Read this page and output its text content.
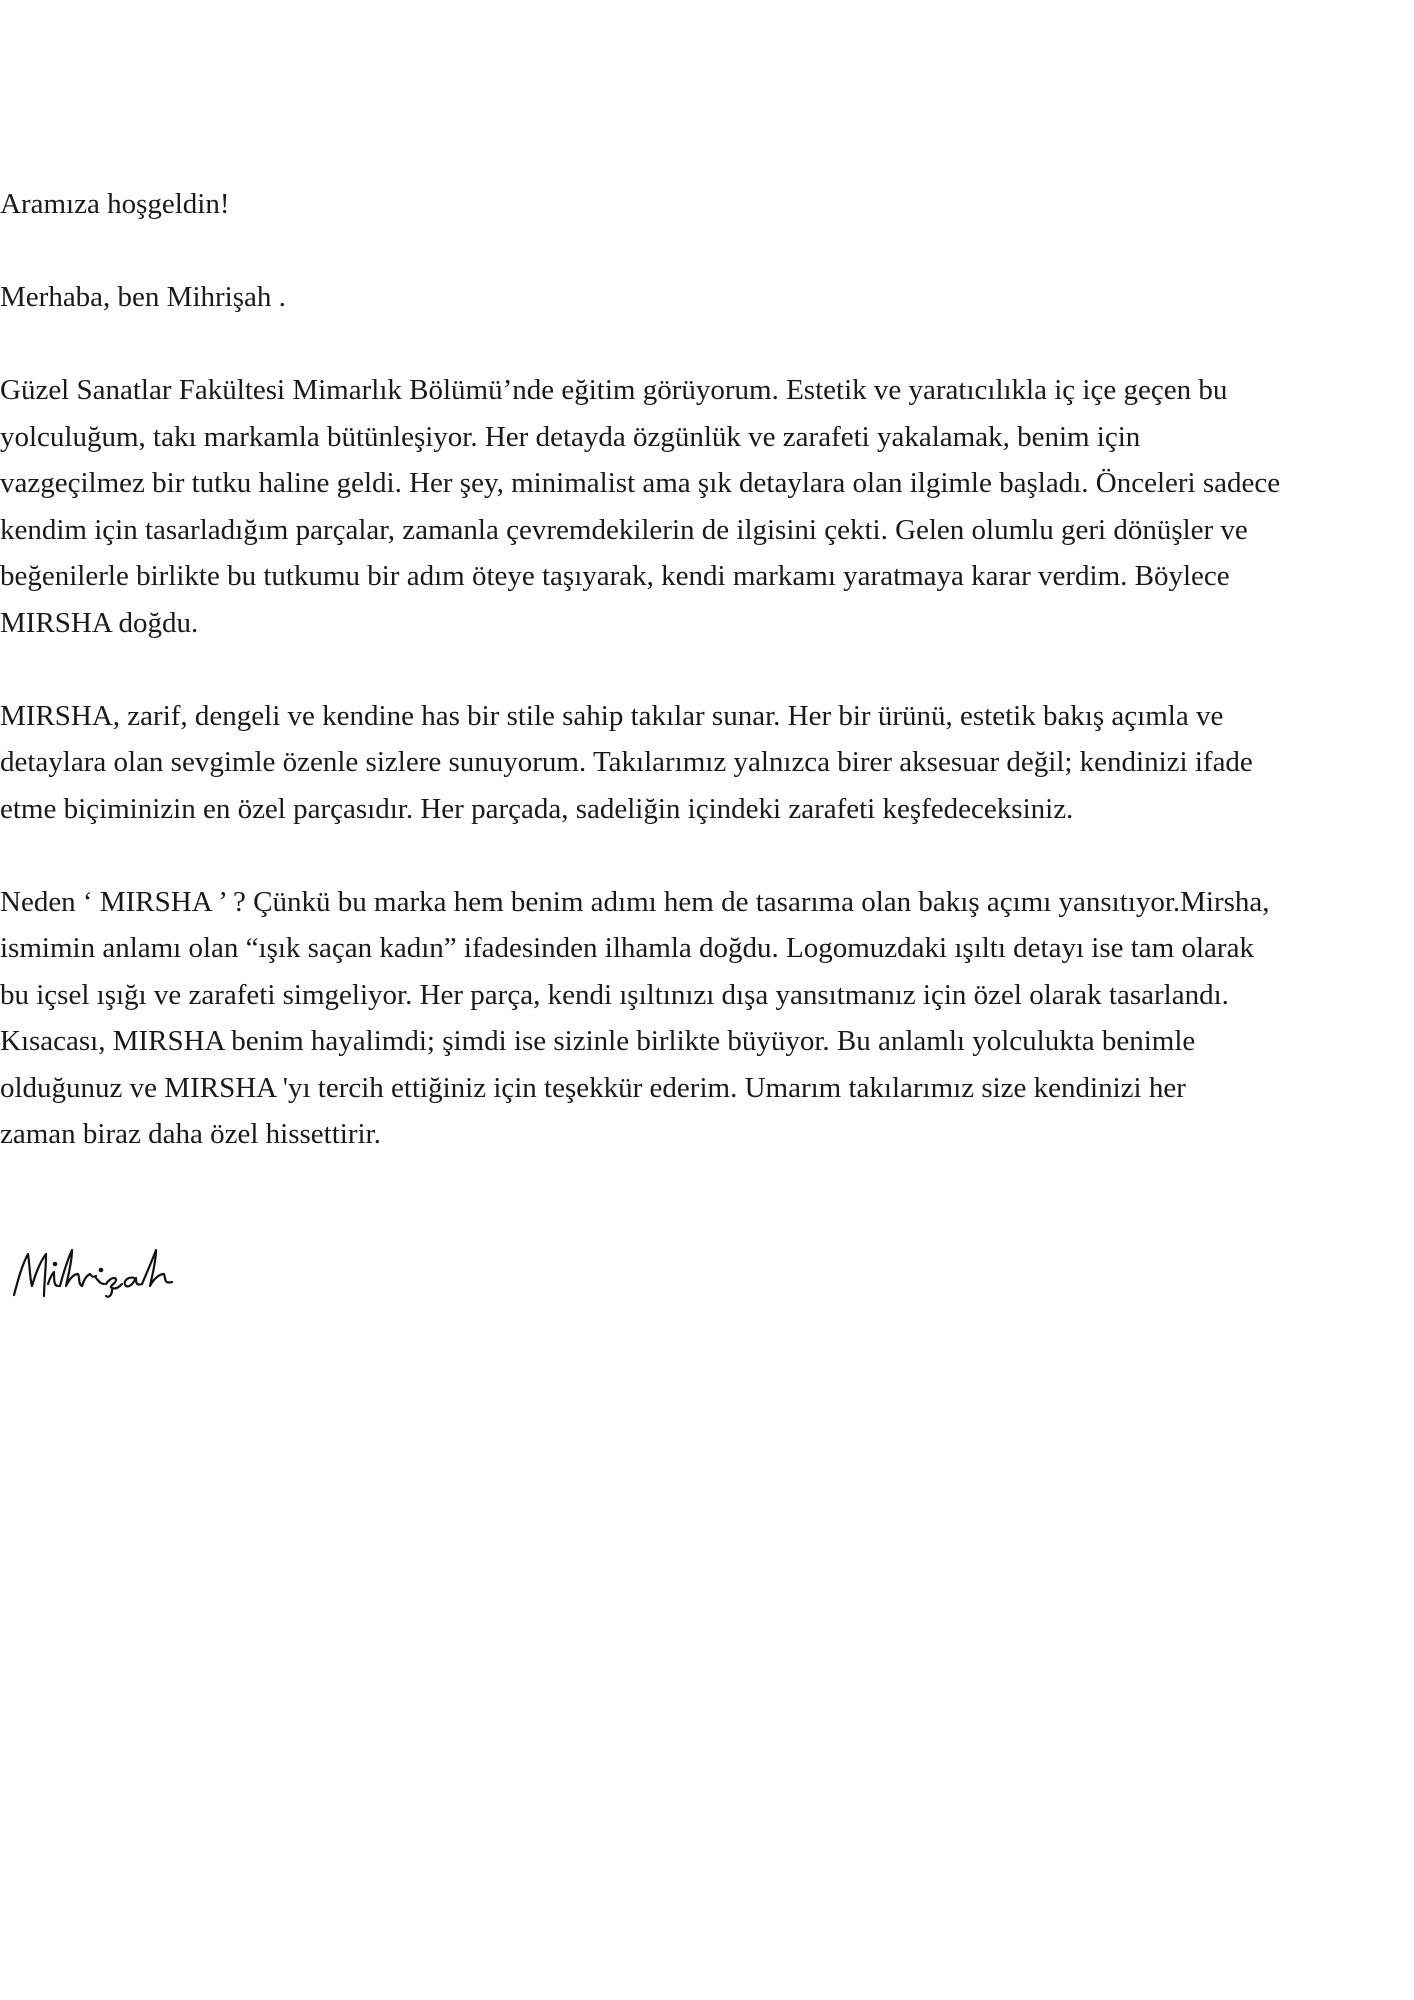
Aramıza hoşgeldin!
Merhaba, ben Mihrişah .
Güzel Sanatlar Fakültesi Mimarlık Bölümü’nde eğitim görüyorum. Estetik ve yaratıcılıkla iç içe geçen bu
yolculuğum, takı markamla bütünleşiyor. Her detayda özgünlük ve zarafeti yakalamak, benim için
vazgeçilmez bir tutku haline geldi. Her şey, minimalist ama şık detaylara olan ilgimle başladı. Önceleri sadece
kendim için tasarladığım parçalar, zamanla çevremdekilerin de ilgisini çekti. Gelen olumlu geri dönüşler ve
beğenilerle birlikte bu tutkumu bir adım öteye taşıyarak, kendi markamı yaratmaya karar verdim. Böylece
MIRSHA doğdu.
MIRSHA, zarif, dengeli ve kendine has bir stile sahip takılar sunar. Her bir ürünü, estetik bakış açımla ve
detaylara olan sevgimle özenle sizlere sunuyorum. Takılarımız yalnızca birer aksesuar değil; kendinizi ifade
etme biçiminizin en özel parçasıdır. Her parçada, sadeliğin içindeki zarafeti keşfedeceksiniz.
Neden ‘ MIRSHA ’ ? Çünkü bu marka hem benim adımı hem de tasarıma olan bakış açımı yansıtıyor.Mirsha,
ismimin anlamı olan “ışık saçan kadın” ifadesinden ilhamla doğdu. Logomuzdaki ışıltı detayı ise tam olarak
bu içsel ışığı ve zarafeti simgeliyor. Her parça, kendi ışıltınızı dışa yansıtmanız için özel olarak tasarlandı.
Kısacası, MIRSHA benim hayalimdi; şimdi ise sizinle birlikte büyüyor. Bu anlamlı yolculukta benimle
olduğunuz ve MIRSHA 'yı tercih ettiğiniz için teşekkür ederim. Umarım takılarımız size kendinizi her
zaman biraz daha özel hissettirir.
